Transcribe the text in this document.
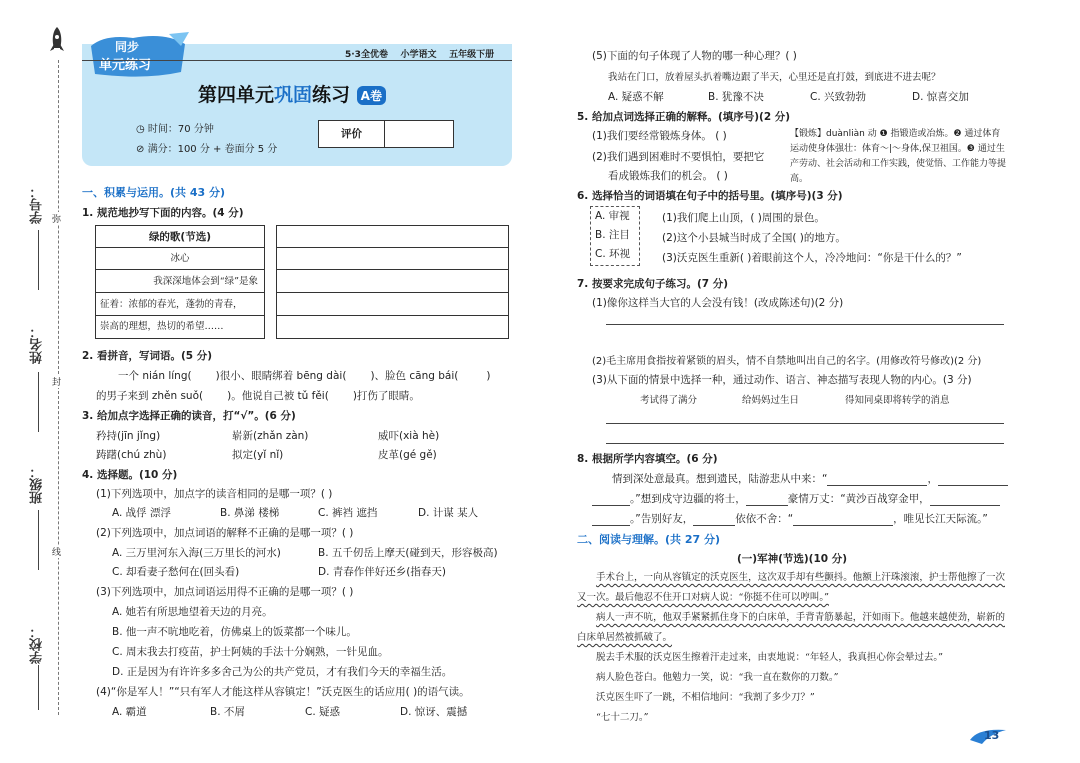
学号：
姓名：
班级：
学校：
弥
封
线
同步
单元练习
5·3全优卷 小学语文 五年级下册
第四单元巩固练习 A卷
◷ 时间：70 分钟
⊘ 满分：100 分 + 卷面分 5 分
评价
一、积累与运用。(共 43 分)
1. 规范地抄写下面的内容。(4 分)
绿的歌(节选)
冰心
我深深地体会到“绿”是象
征着：浓郁的春光，蓬勃的青春，
崇高的理想，热切的希望……
2. 看拼音，写词语。(5 分)
一个 nián líng( )很小、眼睛绑着 bēng dài( )、脸色 cāng bái(	)
的男子来到 zhěn suǒ( )。他说自己被 tǔ fěi( )打伤了眼睛。
3. 给加点字选择正确的读音，打“√”。(6 分)
矜持(jīn jǐng)	崭新(zhǎn zàn)	威吓(xià hè)
踌躇(chú zhù)	拟定(yǐ nǐ)	皮革(gé gě)
4. 选择题。(10 分)
(1)下列选项中，加点字的读音相同的是哪一项？( )
A. 战俘 漂浮	B. 鼻涕 楼梯	C. 裤裆 遮挡	D. 计谋 某人
(2)下列选项中，加点词语的解释不正确的是哪一项？( )
A. 三万里河东入海(三万里长的河水)	B. 五千仞岳上摩天(碰到天，形容极高)
C. 却看妻子愁何在(回头看)	D. 青春作伴好还乡(指春天)
(3)下列选项中，加点词语运用得不正确的是哪一项？( )
A. 她若有所思地望着天边的月亮。
B. 他一声不吭地吃着，仿佛桌上的饭菜都一个味儿。
C. 周末我去打疫苗，护士阿姨的手法十分娴熟，一针见血。
D. 正是因为有许许多多舍己为公的共产党员，才有我们今天的幸福生活。
(4)“你是军人！”“只有军人才能这样从容镇定！”沃克医生的话应用( )的语气读。
A. 霸道	B. 不屑	C. 疑惑	D. 惊讶、震撼
(5)下面的句子体现了人物的哪一种心理？( )
我站在门口，放着屋头扒着嘴边跟了半天，心里还是直打鼓，到底进不进去呢？
A. 疑惑不解	B. 犹豫不决	C. 兴致勃勃	D. 惊喜交加
5. 给加点词选择正确的解释。(填序号)(2 分)
(1)我们要经常锻炼身体。 ( )
(2)我们遇到困难时不要惧怕，要把它
看成锻炼我们的机会。 ( )
【锻炼】duànliàn 动 ❶ 指锻造或冶炼。❷ 通过体育运动使身体强壮：体育～|～身体,保卫祖国。❸ 通过生产劳动、社会活动和工作实践，使觉悟、工作能力等提高。
6. 选择恰当的词语填在句子中的括号里。(填序号)(3 分)
A. 审视
B. 注目
C. 环视
(1)我们爬上山顶，( )周围的景色。
(2)这个小县城当时成了全国( )的地方。
(3)沃克医生重新( )着眼前这个人，冷冷地问：“你是干什么的？”
7. 按要求完成句子练习。(7 分)
(1)像你这样当大官的人会没有钱！(改成陈述句)(2 分)
(2)毛主席用食指按着紧锁的眉头，情不自禁地叫出自己的名字。(用修改符号修改)(2 分)
(3)从下面的情景中选择一种，通过动作、语言、神态描写表现人物的内心。(3 分)
考试得了满分	给妈妈过生日	得知同桌即将转学的消息
8. 根据所学内容填空。(6 分)
情到深处意最真。想到遗民，陆游悲从中来：“	，
。”想到戍守边疆的将士，	豪情万丈：“黄沙百战穿金甲，
。”告别好友，	依依不舍：“	，唯见长江天际流。”
二、阅读与理解。(共 27 分)
(一)军神(节选)(10 分)
手术台上，一向从容镇定的沃克医生，这次双手却有些颤抖。他额上汗珠滚滚，护士帮他擦了一次又一次。最后他忍不住开口对病人说：“你挺不住可以哼叫。”
病人一声不吭，他双手紧紧抓住身下的白床单，手背青筋暴起，汗如雨下。他越来越使劲，崭新的白床单居然被抓破了。
脱去手术服的沃克医生擦着汗走过来，由衷地说：“年轻人，我真担心你会晕过去。”
病人脸色苍白。他勉力一笑，说：“我一直在数你的刀数。”
沃克医生吓了一跳，不相信地问：“我割了多少刀？”
“七十二刀。”
13
